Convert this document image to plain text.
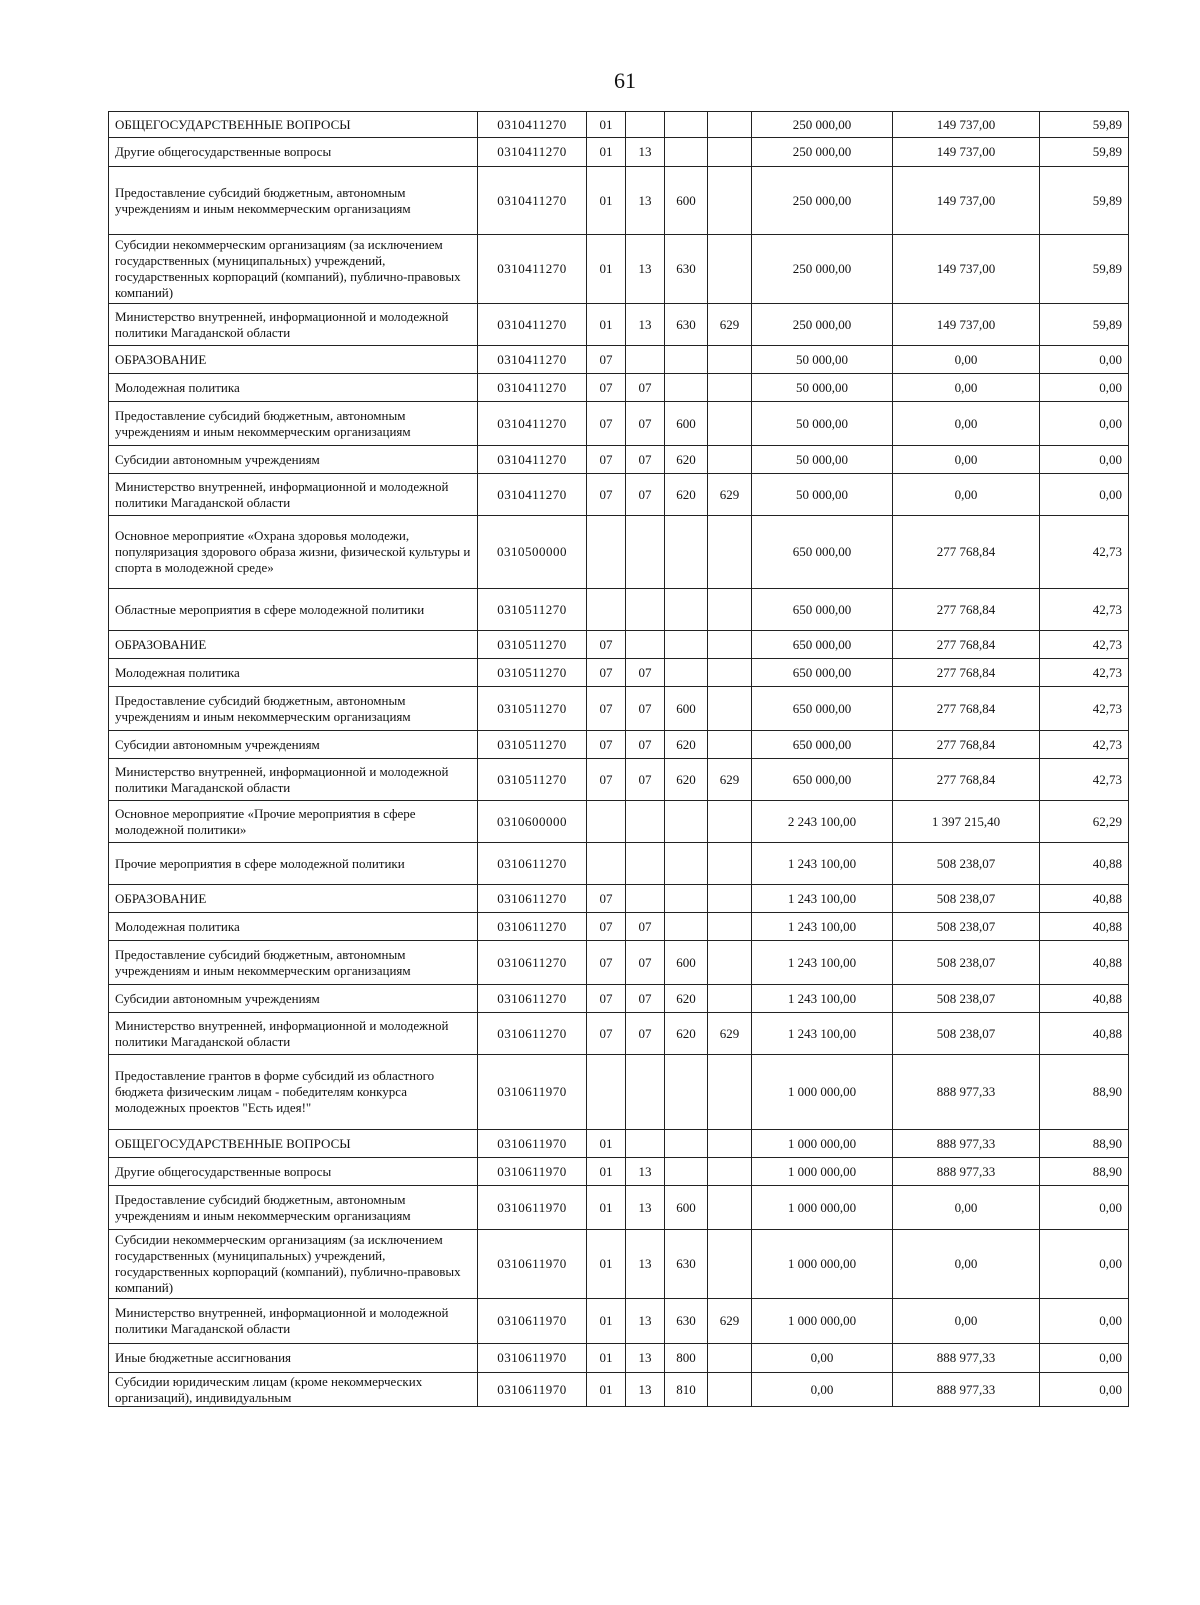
61
ОБЩЕГОСУДАРСТВЕННЫЕ ВОПРОСЫ	0310411270	01				250 000,00	149 737,00	59,89
Другие общегосударственные вопросы	0310411270	01	13			250 000,00	149 737,00	59,89
Предоставление субсидий бюджетным, автономным учреждениям и иным некоммерческим организациям	0310411270	01	13	600		250 000,00	149 737,00	59,89
Субсидии некоммерческим организациям (за исключением государственных (муниципальных) учреждений, государственных корпораций (компаний), публично-правовых компаний)	0310411270	01	13	630		250 000,00	149 737,00	59,89
Министерство внутренней, информационной и молодежной политики Магаданской области	0310411270	01	13	630	629	250 000,00	149 737,00	59,89
ОБРАЗОВАНИЕ	0310411270	07				50 000,00	0,00	0,00
Молодежная политика	0310411270	07	07			50 000,00	0,00	0,00
Предоставление субсидий бюджетным, автономным учреждениям и иным некоммерческим организациям	0310411270	07	07	600		50 000,00	0,00	0,00
Субсидии автономным учреждениям	0310411270	07	07	620		50 000,00	0,00	0,00
Министерство внутренней, информационной и молодежной политики Магаданской области	0310411270	07	07	620	629	50 000,00	0,00	0,00
Основное мероприятие «Охрана здоровья молодежи, популяризация здорового образа жизни, физической культуры и спорта в молодежной среде»	0310500000					650 000,00	277 768,84	42,73
Областные мероприятия в сфере молодежной политики	0310511270					650 000,00	277 768,84	42,73
ОБРАЗОВАНИЕ	0310511270	07				650 000,00	277 768,84	42,73
Молодежная политика	0310511270	07	07			650 000,00	277 768,84	42,73
Предоставление субсидий бюджетным, автономным учреждениям и иным некоммерческим организациям	0310511270	07	07	600		650 000,00	277 768,84	42,73
Субсидии автономным учреждениям	0310511270	07	07	620		650 000,00	277 768,84	42,73
Министерство внутренней, информационной и молодежной политики Магаданской области	0310511270	07	07	620	629	650 000,00	277 768,84	42,73
Основное мероприятие «Прочие мероприятия в сфере молодежной политики»	0310600000					2 243 100,00	1 397 215,40	62,29
Прочие мероприятия в сфере молодежной политики	0310611270					1 243 100,00	508 238,07	40,88
ОБРАЗОВАНИЕ	0310611270	07				1 243 100,00	508 238,07	40,88
Молодежная политика	0310611270	07	07			1 243 100,00	508 238,07	40,88
Предоставление субсидий бюджетным, автономным учреждениям и иным некоммерческим организациям	0310611270	07	07	600		1 243 100,00	508 238,07	40,88
Субсидии автономным учреждениям	0310611270	07	07	620		1 243 100,00	508 238,07	40,88
Министерство внутренней, информационной и молодежной политики Магаданской области	0310611270	07	07	620	629	1 243 100,00	508 238,07	40,88
Предоставление грантов в форме субсидий из областного бюджета физическим лицам - победителям конкурса молодежных проектов "Есть идея!"	0310611970					1 000 000,00	888 977,33	88,90
ОБЩЕГОСУДАРСТВЕННЫЕ ВОПРОСЫ	0310611970	01				1 000 000,00	888 977,33	88,90
Другие общегосударственные вопросы	0310611970	01	13			1 000 000,00	888 977,33	88,90
Предоставление субсидий бюджетным, автономным учреждениям и иным некоммерческим организациям	0310611970	01	13	600		1 000 000,00	0,00	0,00
Субсидии некоммерческим организациям (за исключением государственных (муниципальных) учреждений, государственных корпораций (компаний), публично-правовых компаний)	0310611970	01	13	630		1 000 000,00	0,00	0,00
Министерство внутренней, информационной и молодежной политики Магаданской области	0310611970	01	13	630	629	1 000 000,00	0,00	0,00
Иные бюджетные ассигнования	0310611970	01	13	800		0,00	888 977,33	0,00
Субсидии юридическим лицам (кроме некоммерческих организаций), индивидуальным	0310611970	01	13	810		0,00	888 977,33	0,00
